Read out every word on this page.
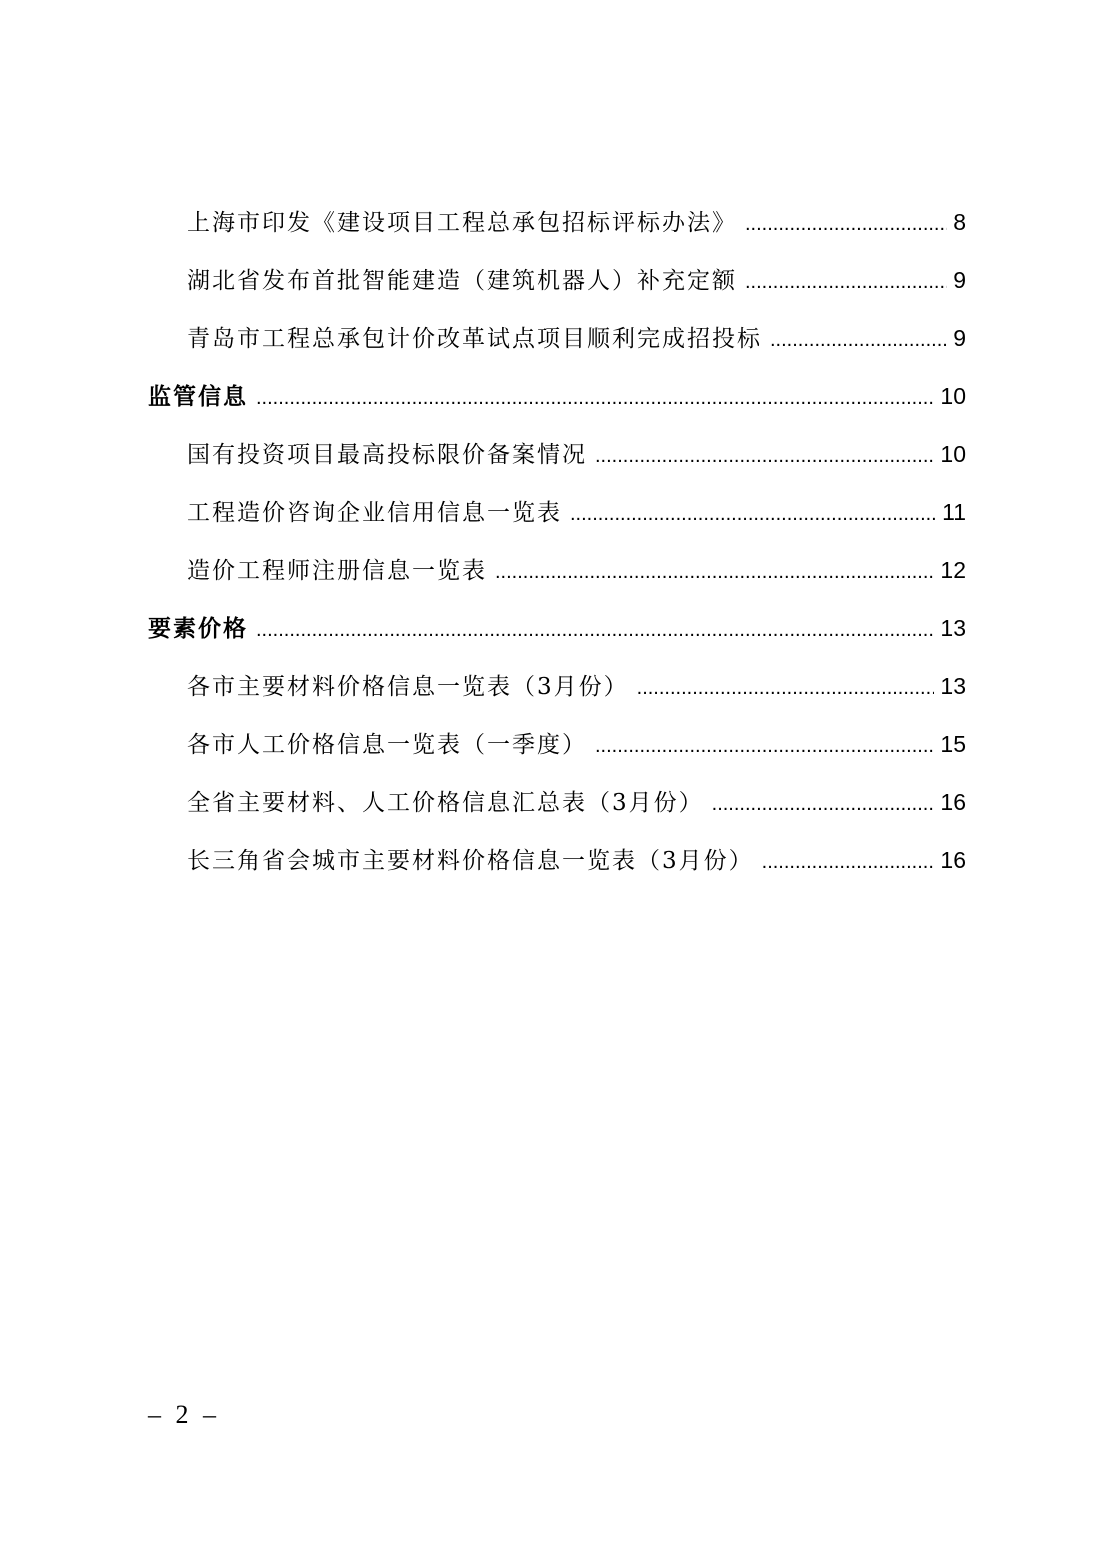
上海市印发《建设项目工程总承包招标评标办法》 .....	8
湖北省发布首批智能建造（建筑机器人）补充定额 .....	9
青岛市工程总承包计价改革试点项目顺利完成招投标 .....	9
监管信息 .....	10
国有投资项目最高投标限价备案情况 .....	10
工程造价咨询企业信用信息一览表 .....	11
造价工程师注册信息一览表 .....	12
要素价格 .....	13
各市主要材料价格信息一览表（3月份） .....	13
各市人工价格信息一览表（一季度） .....	15
全省主要材料、人工价格信息汇总表（3月份） .....	16
长三角省会城市主要材料价格信息一览表（3月份） .....	16
– 2 –
